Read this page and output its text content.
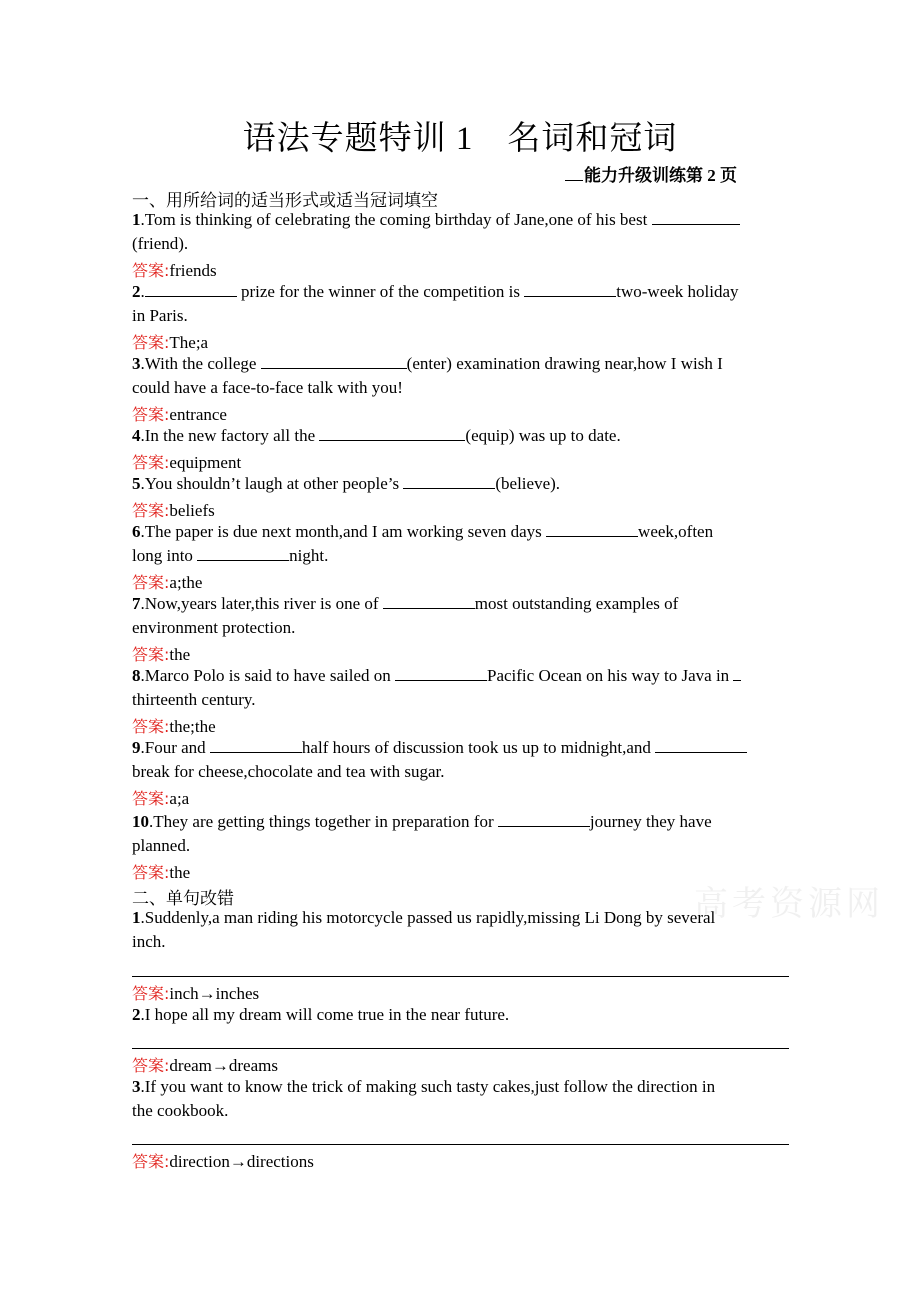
高考资源网
语法专题特训 1　名词和冠词
能力升级训练第 2 页
一、用所给词的适当形式或适当冠词填空
1.Tom is thinking of celebrating the coming birthday of Jane,one of his best
(friend).
答案:friends
2.	prize for the winner of the competition is	two-week holiday
in Paris.
答案:The;a
3.With the college	(enter) examination drawing near,how I wish I
could have a face-to-face talk with you!
答案:entrance
4.In the new factory all the	(equip) was up to date.
答案:equipment
5.You shouldn’t laugh at other people’s	(believe).
答案:beliefs
6.The paper is due next month,and I am working seven days	week,often
long into	night.
答案:a;the
7.Now,years later,this river is one of	most outstanding examples of
environment protection.
答案:the
8.Marco Polo is said to have sailed on	Pacific Ocean on his way to Java in
thirteenth century.
答案:the;the
9.Four and	half hours of discussion took us up to midnight,and
break for cheese,chocolate and tea with sugar.
答案:a;a
10.They are getting things together in preparation for	journey they have
planned.
答案:the
二、单句改错
1.Suddenly,a man riding his motorcycle passed us rapidly,missing Li Dong by several
inch.
答案:inch→inches
2.I hope all my dream will come true in the near future.
答案:dream→dreams
3.If you want to know the trick of making such tasty cakes,just follow the direction in
the cookbook.
答案:direction→directions
